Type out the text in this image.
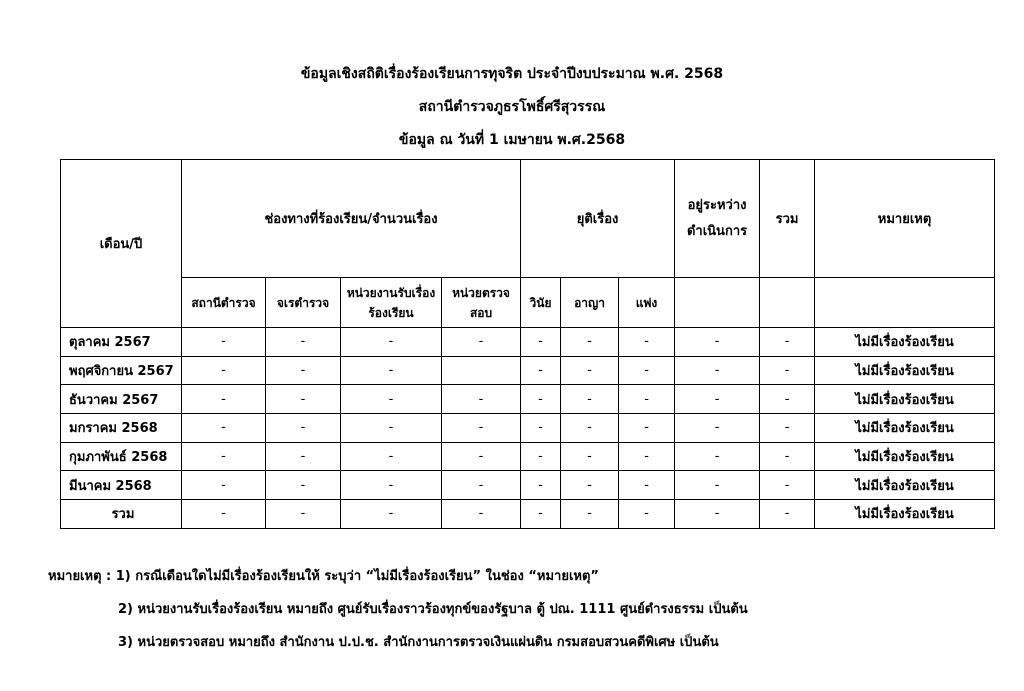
ข้อมูลเชิงสถิติเรื่องร้องเรียนการทุจริต ประจำปีงบประมาณ พ.ศ. 2568
สถานีตำรวจภูธรโพธิ์ศรีสุวรรณ
ข้อมูล ณ วันที่ 1 เมษายน พ.ศ.2568
เดือน/ปี	ช่องทางที่ร้องเรียน/จำนวนเรื่อง				ยุติเรื่อง			อยู่ระหว่างดำเนินการ	รวม	หมายเหตุ
	สถานีตำรวจ	จเรตำรวจ	หน่วยงานรับเรื่องร้องเรียน	หน่วยตรวจสอบ	วินัย	อาญา	แพ่ง			
ตุลาคม 2567	-	-	-	-	-	-	-	-	-	ไม่มีเรื่องร้องเรียน
พฤศจิกายน 2567	-	-	-		-	-	-	-	-	ไม่มีเรื่องร้องเรียน
ธันวาคม 2567	-	-	-	-	-	-	-	-	-	ไม่มีเรื่องร้องเรียน
มกราคม 2568	-	-	-	-	-	-	-	-	-	ไม่มีเรื่องร้องเรียน
กุมภาพันธ์ 2568	-	-	-	-	-	-	-	-	-	ไม่มีเรื่องร้องเรียน
มีนาคม 2568	-	-	-	-	-	-	-	-	-	ไม่มีเรื่องร้องเรียน
รวม	-	-	-	-	-	-	-	-	-	ไม่มีเรื่องร้องเรียน
หมายเหตุ : 1) กรณีเดือนใดไม่มีเรื่องร้องเรียนให้ ระบุว่า “ไม่มีเรื่องร้องเรียน” ในช่อง “หมายเหตุ”
2) หน่วยงานรับเรื่องร้องเรียน หมายถึง ศูนย์รับเรื่องราวร้องทุกข์ของรัฐบาล ตู้ ปณ. 1111 ศูนย์ดำรงธรรม เป็นต้น
3) หน่วยตรวจสอบ หมายถึง สำนักงาน ป.ป.ช. สำนักงานการตรวจเงินแผ่นดิน กรมสอบสวนคดีพิเศษ เป็นต้น
